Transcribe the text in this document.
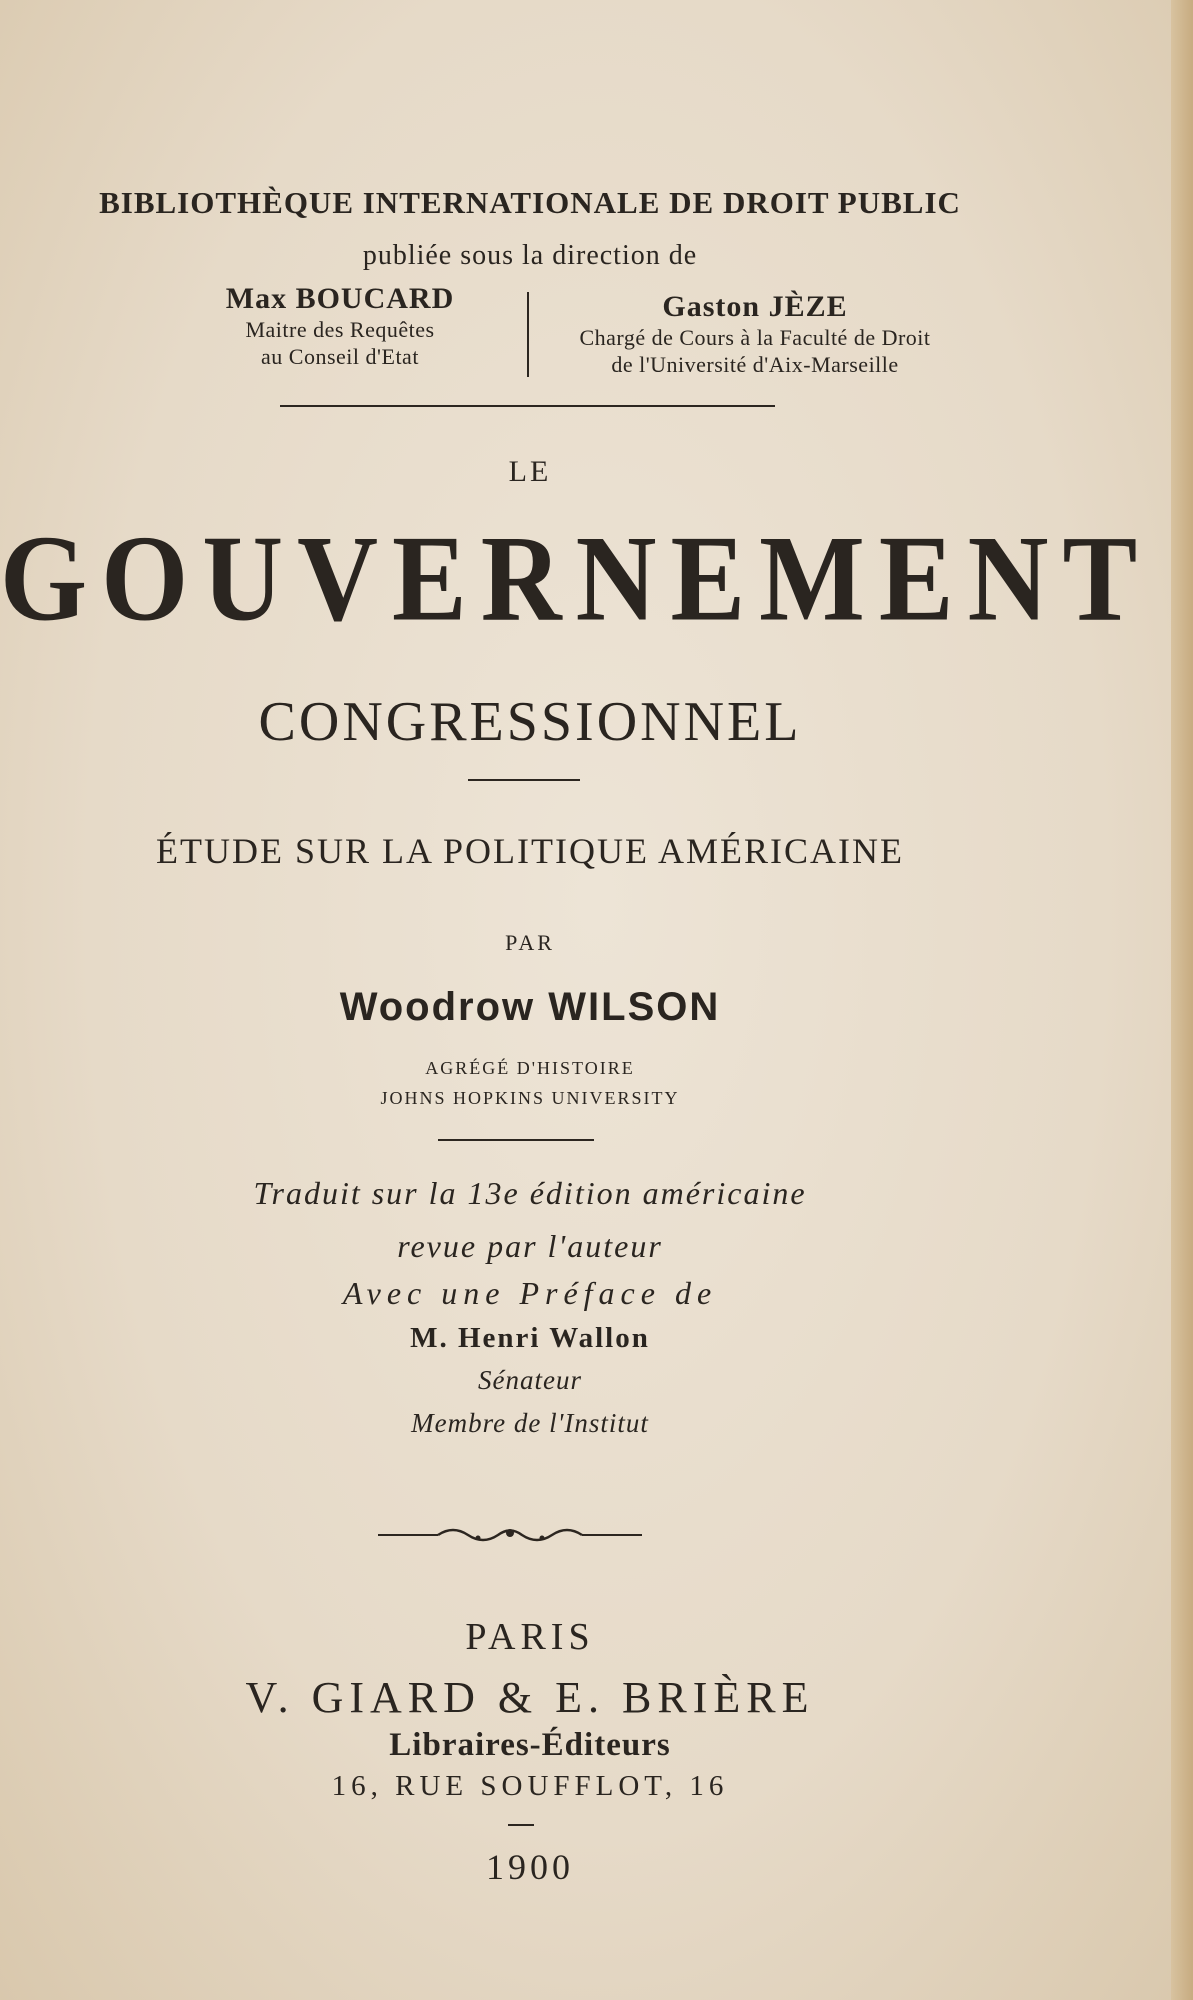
BIBLIOTHÈQUE INTERNATIONALE DE DROIT PUBLIC
publiée sous la direction de
Max BOUCARD
Maitre des Requêtes
au Conseil d'Etat
Gaston JÈZE
Chargé de Cours à la Faculté de Droit
de l'Université d'Aix-Marseille
LE
GOUVERNEMENT
CONGRESSIONNEL
ÉTUDE SUR LA POLITIQUE AMÉRICAINE
PAR
Woodrow WILSON
AGRÉGÉ D'HISTOIRE
JOHNS HOPKINS UNIVERSITY
Traduit sur la 13e édition américaine
revue par l'auteur
Avec une Préface de
M. Henri Wallon
Sénateur
Membre de l'Institut
PARIS
V. GIARD & E. BRIÈRE
Libraires-Éditeurs
16, RUE SOUFFLOT, 16
1900
